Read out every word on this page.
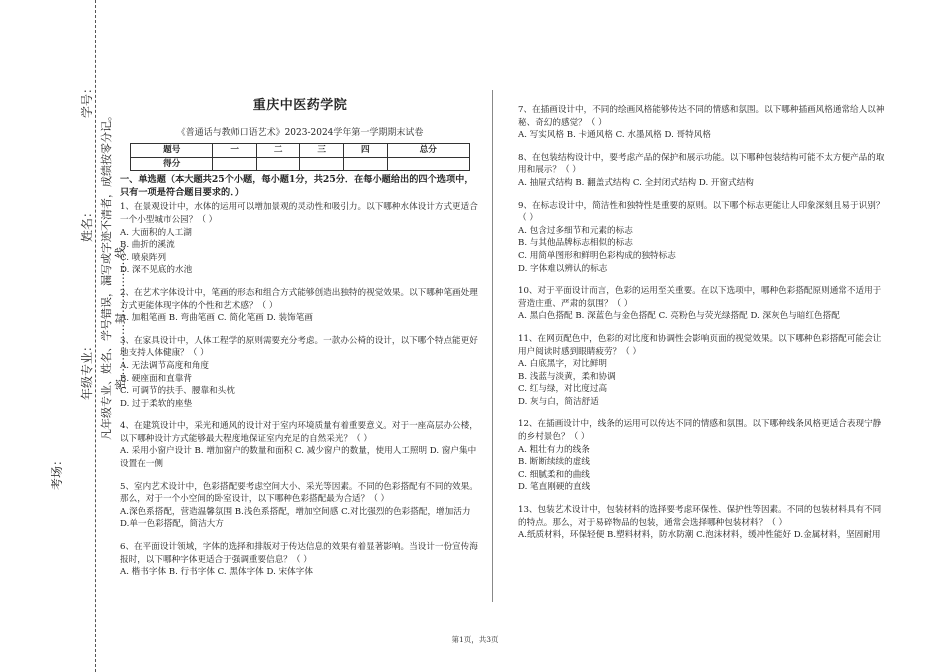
学号：
姓名：
年级专业：
考场：
凡年级专业、姓名、学号错误，漏写或字迹不清者，成绩按零分记。 密……………封……………线
重庆中医药学院
《普通话与教师口语艺术》2023-2024学年第一学期期末试卷
题号	一	二	三	四	总分
得分					
一、单选题（本大题共25个小题，每小题1分，共25分．在每小题给出的四个选项中，只有一项是符合题目要求的．）
1、在景观设计中，水体的运用可以增加景观的灵动性和吸引力。以下哪种水体设计方式更适合一个小型城市公园？（ ）
A. 大面积的人工湖
B. 曲折的溪流
C. 喷泉阵列
D. 深不见底的水池
2、在艺术字体设计中，笔画的形态和组合方式能够创造出独特的视觉效果。以下哪种笔画处理方式更能体现字体的个性和艺术感？（ ）
A. 加粗笔画 B. 弯曲笔画 C. 简化笔画 D. 装饰笔画
3、在家具设计中，人体工程学的原则需要充分考虑。一款办公椅的设计，以下哪个特点能更好地支持人体健康？（ ）
A. 无法调节高度和角度
B. 硬座面和直靠背
C. 可调节的扶手、腰靠和头枕
D. 过于柔软的座垫
4、在建筑设计中，采光和通风的设计对于室内环境质量有着重要意义。对于一座高层办公楼，以下哪种设计方式能够最大程度地保证室内充足的自然采光？（ ）
A. 采用小窗户设计 B. 增加窗户的数量和面积 C. 减少窗户的数量，使用人工照明 D. 窗户集中设置在一侧
5、室内艺术设计中，色彩搭配要考虑空间大小、采光等因素。不同的色彩搭配有不同的效果。那么，对于一个小空间的卧室设计，以下哪种色彩搭配最为合适？（ ）
A.深色系搭配，营造温馨氛围 B.浅色系搭配，增加空间感 C.对比强烈的色彩搭配，增加活力 D.单一色彩搭配，简洁大方
6、在平面设计领域，字体的选择和排版对于传达信息的效果有着显著影响。当设计一份宣传海报时，以下哪种字体更适合于强调重要信息？（ ）
A. 楷书字体 B. 行书字体 C. 黑体字体 D. 宋体字体
7、在插画设计中，不同的绘画风格能够传达不同的情感和氛围。以下哪种插画风格通常给人以神秘、奇幻的感觉？（ ）
A. 写实风格 B. 卡通风格 C. 水墨风格 D. 哥特风格
8、在包装结构设计中，要考虑产品的保护和展示功能。以下哪种包装结构可能不太方便产品的取用和展示？（ ）
A. 抽屉式结构 B. 翻盖式结构 C. 全封闭式结构 D. 开窗式结构
9、在标志设计中，简洁性和独特性是重要的原则。以下哪个标志更能让人印象深刻且易于识别？（ ）
A. 包含过多细节和元素的标志
B. 与其他品牌标志相似的标志
C. 用简单图形和鲜明色彩构成的独特标志
D. 字体难以辨认的标志
10、对于平面设计而言，色彩的运用至关重要。在以下选项中，哪种色彩搭配原则通常不适用于营造庄重、严肃的氛围？（ ）
A. 黑白色搭配 B. 深蓝色与金色搭配 C. 亮粉色与荧光绿搭配 D. 深灰色与暗红色搭配
11、在网页配色中，色彩的对比度和协调性会影响页面的视觉效果。以下哪种色彩搭配可能会让用户阅读时感到眼睛疲劳？（ ）
A. 白底黑字，对比鲜明
B. 浅蓝与淡黄，柔和协调
C. 红与绿，对比度过高
D. 灰与白，简洁舒适
12、在插画设计中，线条的运用可以传达不同的情感和氛围。以下哪种线条风格更适合表现宁静的乡村景色？（ ）
A. 粗壮有力的线条
B. 断断续续的虚线
C. 细腻柔和的曲线
D. 笔直刚硬的直线
13、包装艺术设计中，包装材料的选择要考虑环保性、保护性等因素。不同的包装材料具有不同的特点。那么，对于易碎物品的包装，通常会选择哪种包装材料？（ ）
A.纸质材料，环保轻便 B.塑料材料，防水防潮 C.泡沫材料，缓冲性能好 D.金属材料，坚固耐用
第1页，共3页
